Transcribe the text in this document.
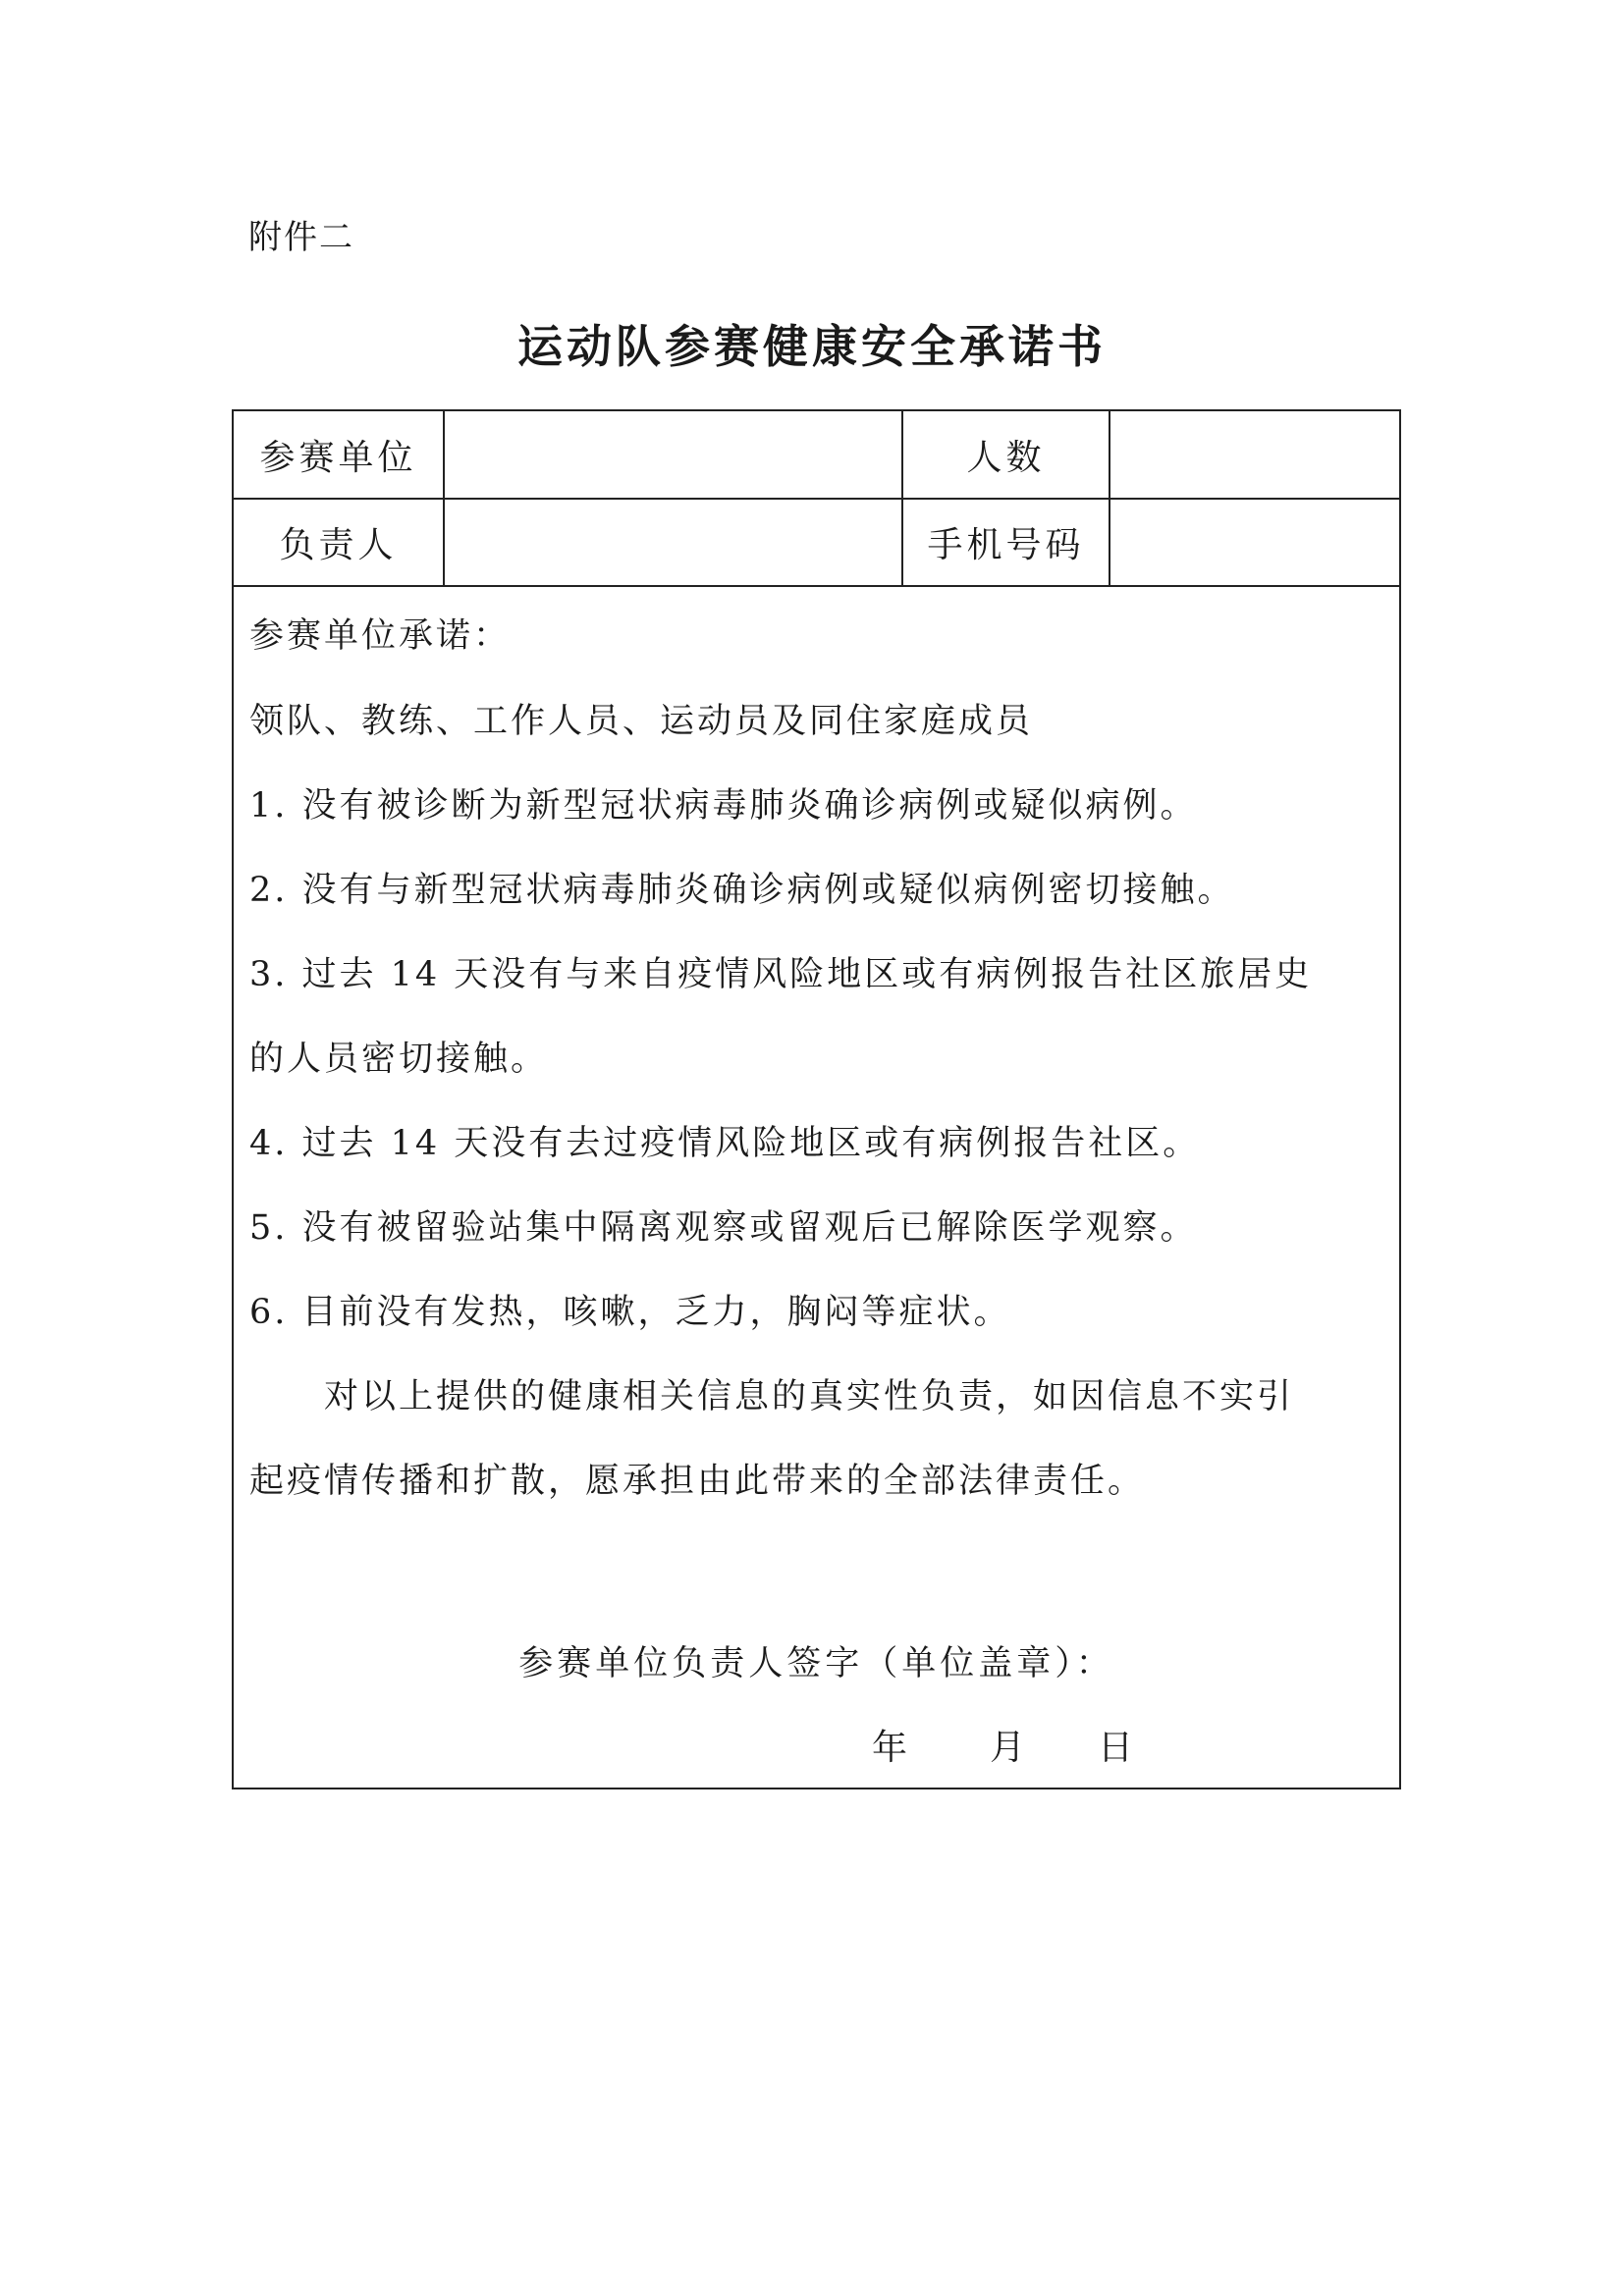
附件二
运动队参赛健康安全承诺书
参赛单位	人数
负责人	手机号码
参赛单位承诺：
领队、教练、工作人员、运动员及同住家庭成员
1. 没有被诊断为新型冠状病毒肺炎确诊病例或疑似病例。
2. 没有与新型冠状病毒肺炎确诊病例或疑似病例密切接触。
3. 过去 14 天没有与来自疫情风险地区或有病例报告社区旅居史
的人员密切接触。
4. 过去 14 天没有去过疫情风险地区或有病例报告社区。
5. 没有被留验站集中隔离观察或留观后已解除医学观察。
6. 目前没有发热，咳嗽，乏力，胸闷等症状。
　　对以上提供的健康相关信息的真实性负责，如因信息不实引
起疫情传播和扩散，愿承担由此带来的全部法律责任。
参赛单位负责人签字（单位盖章）：
年 月 日
